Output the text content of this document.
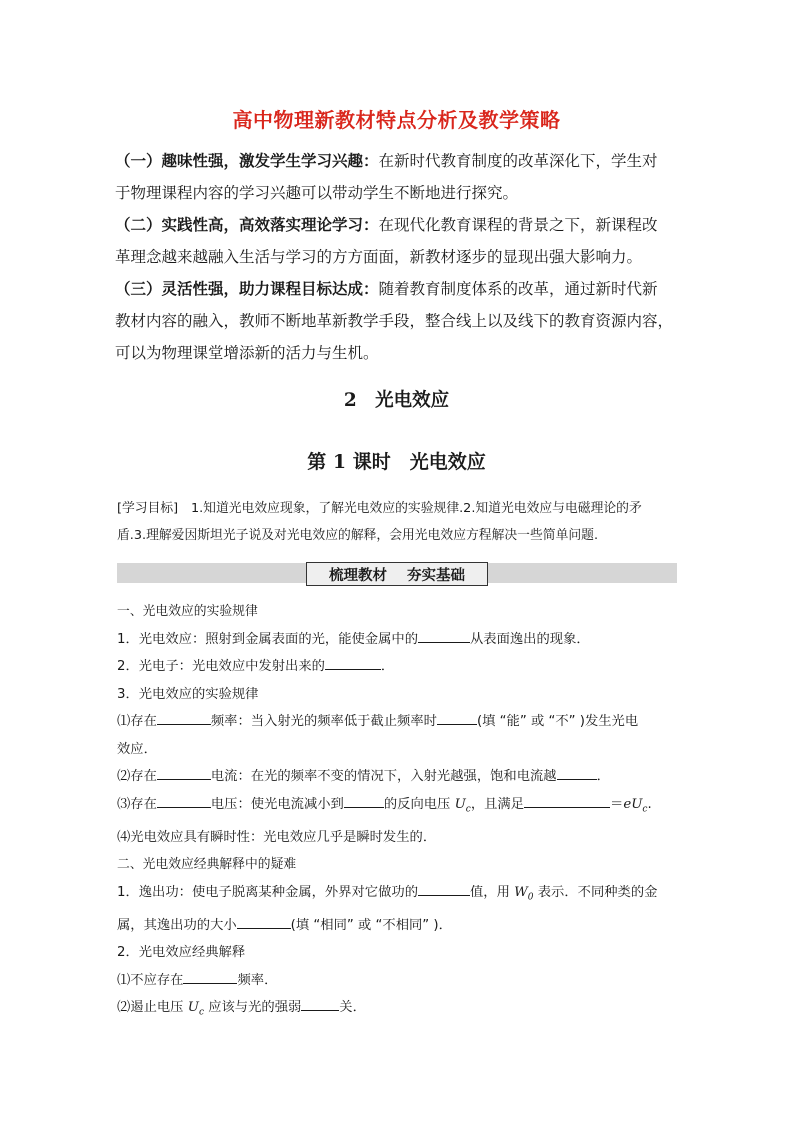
高中物理新教材特点分析及教学策略

（一）趣味性强，激发学生学习兴趣：在新时代教育制度的改革深化下，学生对

于物理课程内容的学习兴趣可以带动学生不断地进行探究。

（二）实践性高，高效落实理论学习：在现代化教育课程的背景之下，新课程改

革理念越来越融入生活与学习的方方面面，新教材逐步的显现出强大影响力。

（三）灵活性强，助力课程目标达成：随着教育制度体系的改革，通过新时代新

教材内容的融入，教师不断地革新教学手段，整合线上以及线下的教育资源内容，

可以为物理课堂增添新的活力与生机。

2　光电效应
第 1 课时　光电效应
[学习目标]　1.知道光电效应现象，了解光电效应的实验规律.2.知道光电效应与电磁理论的矛
盾.3.理解爱因斯坦光子说及对光电效应的解释，会用光电效应方程解决一些简单问题.
梳理教材 夯实基础

一、光电效应的实验规律

1．光电效应：照射到金属表面的光，能使金属中的	从表面逸出的现象．

2．光电子：光电效应中发射出来的	．

3．光电效应的实验规律

⑴存在	频率：当入射光的频率低于截止频率时	(填 “能” 或 “不” )发生光电

效应．

⑵存在	电流：在光的频率不变的情况下，入射光越强，饱和电流越	．

⑶存在	电压：使光电流减小到	的反向电压 $U_c$，且满足	$=eU_c$.

⑷光电效应具有瞬时性：光电效应几乎是瞬时发生的．

二、光电效应经典解释中的疑难

1．逸出功：使电子脱离某种金属，外界对它做功的	值，用 $W_0$ 表示．不同种类的金

属，其逸出功的大小	(填 “相同” 或 “不相同” )．

2．光电效应经典解释

⑴不应存在	频率．

⑵遏止电压 $U_c$ 应该与光的强弱	关．
